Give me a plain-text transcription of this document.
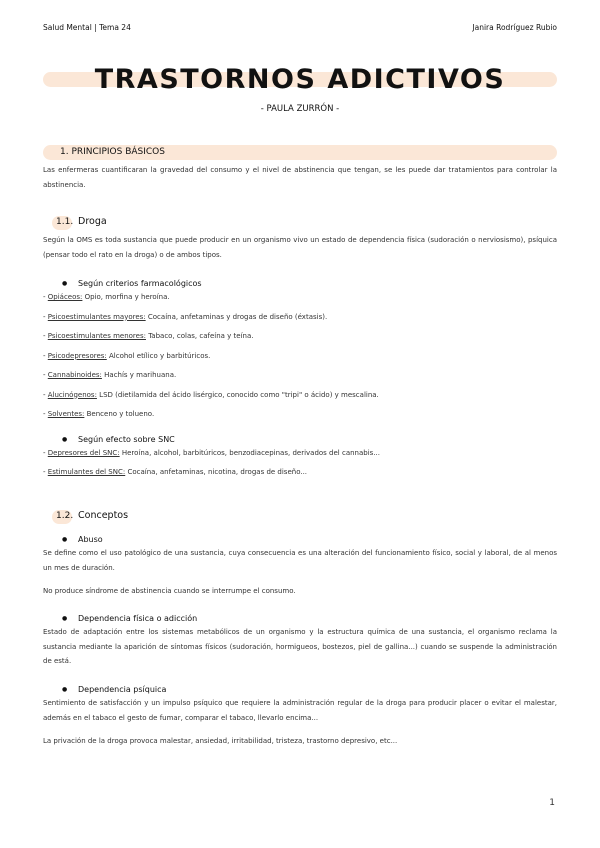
Salud Mental | Tema 24	Janira Rodríguez Rubio
TRASTORNOS ADICTIVOS
- PAULA ZURRÓN -
1. PRINCIPIOS BÁSICOS
Las enfermeras cuantificaran la gravedad del consumo y el nivel de abstinencia que tengan, se les puede dar tratamientos para controlar la abstinencia.
1.1. Droga
Según la OMS es toda sustancia que puede producir en un organismo vivo un estado de dependencia física (sudoración o nerviosismo), psíquica (pensar todo el rato en la droga) o de ambos tipos.
● Según criterios farmacológicos
- Opiáceos: Opio, morfina y heroína.
- Psicoestimulantes mayores: Cocaína, anfetaminas y drogas de diseño (éxtasis).
- Psicoestimulantes menores: Tabaco, colas, cafeína y teína.
- Psicodepresores: Alcohol etílico y barbitúricos.
- Cannabinoides: Hachís y marihuana.
- Alucinógenos: LSD (dietilamida del ácido lisérgico, conocido como "tripi" o ácido) y mescalina.
- Solventes: Benceno y tolueno.
● Según efecto sobre SNC
- Depresores del SNC: Heroína, alcohol, barbitúricos, benzodiacepinas, derivados del cannabis...
- Estimulantes del SNC: Cocaína, anfetaminas, nicotina, drogas de diseño...
1.2. Conceptos
● Abuso
Se define como el uso patológico de una sustancia, cuya consecuencia es una alteración del funcionamiento físico, social y laboral, de al menos un mes de duración.
No produce síndrome de abstinencia cuando se interrumpe el consumo.
● Dependencia física o adicción
Estado de adaptación entre los sistemas metabólicos de un organismo y la estructura química de una sustancia, el organismo reclama la sustancia mediante la aparición de síntomas físicos (sudoración, hormigueos, bostezos, piel de gallina...) cuando se suspende la administración de está.
● Dependencia psíquica
Sentimiento de satisfacción y un impulso psíquico que requiere la administración regular de la droga para producir placer o evitar el malestar, además en el tabaco el gesto de fumar, comparar el tabaco, llevarlo encima...
La privación de la droga provoca malestar, ansiedad, irritabilidad, tristeza, trastorno depresivo, etc...
1
